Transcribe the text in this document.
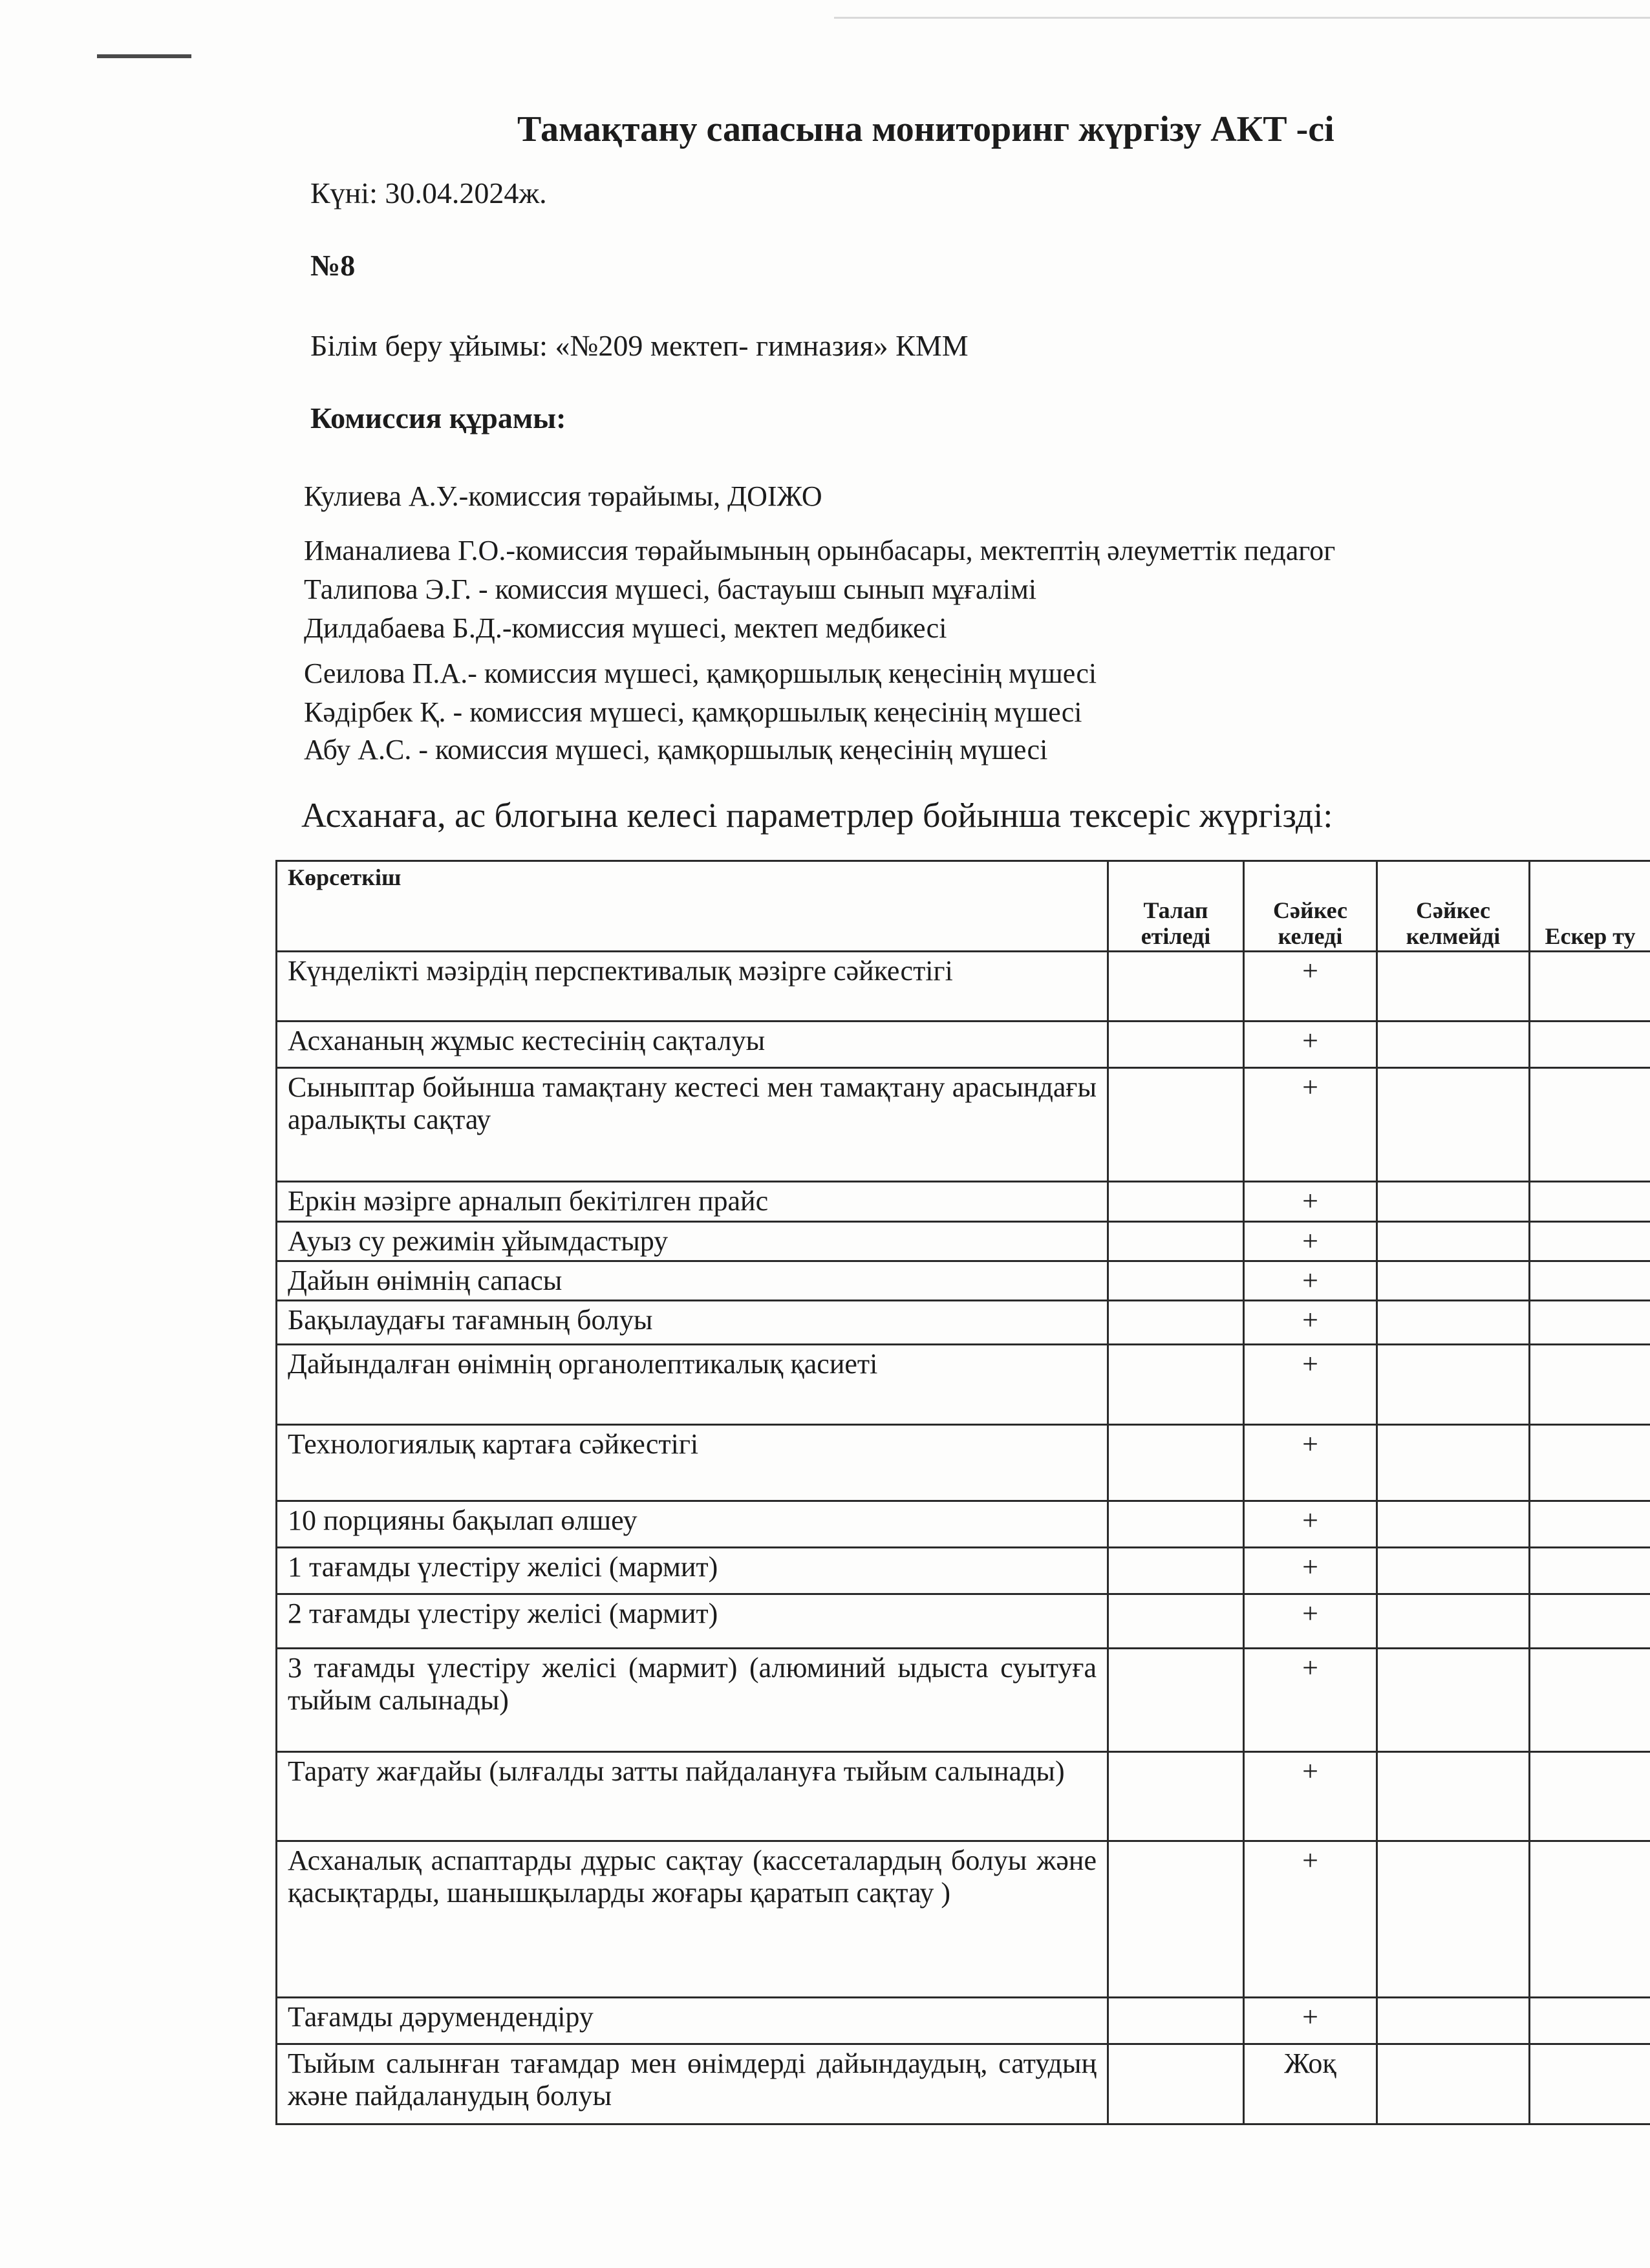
Тамақтану сапасына мониторинг жүргізу АКТ -сі
Күні: 30.04.2024ж.
№8
Білім беру ұйымы: «№209 мектеп- гимназия» КММ
Комиссия құрамы:
Кулиева А.У.-комиссия төрайымы, ДОІЖО
Иманалиева Г.О.-комиссия төрайымының орынбасары, мектептің әлеуметтік педагог
Талипова Э.Г. - комиссия мүшесі, бастауыш сынып мұғалімі
Дилдабаева Б.Д.-комиссия мүшесі, мектеп медбикесі
Сеилова П.А.- комиссия мүшесі, қамқоршылық кеңесінің мүшесі
Кәдірбек Қ. - комиссия мүшесі, қамқоршылық кеңесінің мүшесі
Абу А.С. - комиссия мүшесі, қамқоршылық кеңесінің мүшесі
Асханаға, ас блогына келесі параметрлер бойынша тексеріс жүргізді:
Көрсеткіш	Талап етіледі	Сәйкес келеді	Сәйкес келмейді	Ескер ту
Күнделікті мәзірдің перспективалық мәзірге сәйкестігі		+		
Асхананың жұмыс кестесінің сақталуы		+		
Сыныптар бойынша тамақтану кестесі мен тамақтану арасындағы аралықты сақтау		+		
Еркін мәзірге арналып бекітілген прайс		+		
Ауыз су режимін ұйымдастыру		+		
Дайын өнімнің сапасы		+		
Бақылаудағы тағамның болуы		+		
Дайындалған өнімнің органолептикалық қасиеті		+		
Технологиялық картаға сәйкестігі		+		
10 порцияны бақылап өлшеу		+		
1 тағамды үлестіру желісі (мармит)		+		
2 тағамды үлестіру желісі (мармит)		+		
3 тағамды үлестіру желісі (мармит) (алюминий ыдыста суытуға тыйым салынады)		+		
Тарату жағдайы (ылғалды затты пайдалануға тыйым салынады)		+		
Асханалық аспаптарды дұрыс сақтау (кассеталардың болуы және қасықтарды, шанышқыларды жоғары қаратып сақтау )		+		
Тағамды дәрумендендіру		+		
Тыйым салынған тағамдар мен өнімдерді дайындаудың, сатудың және пайдаланудың болуы		Жоқ		
